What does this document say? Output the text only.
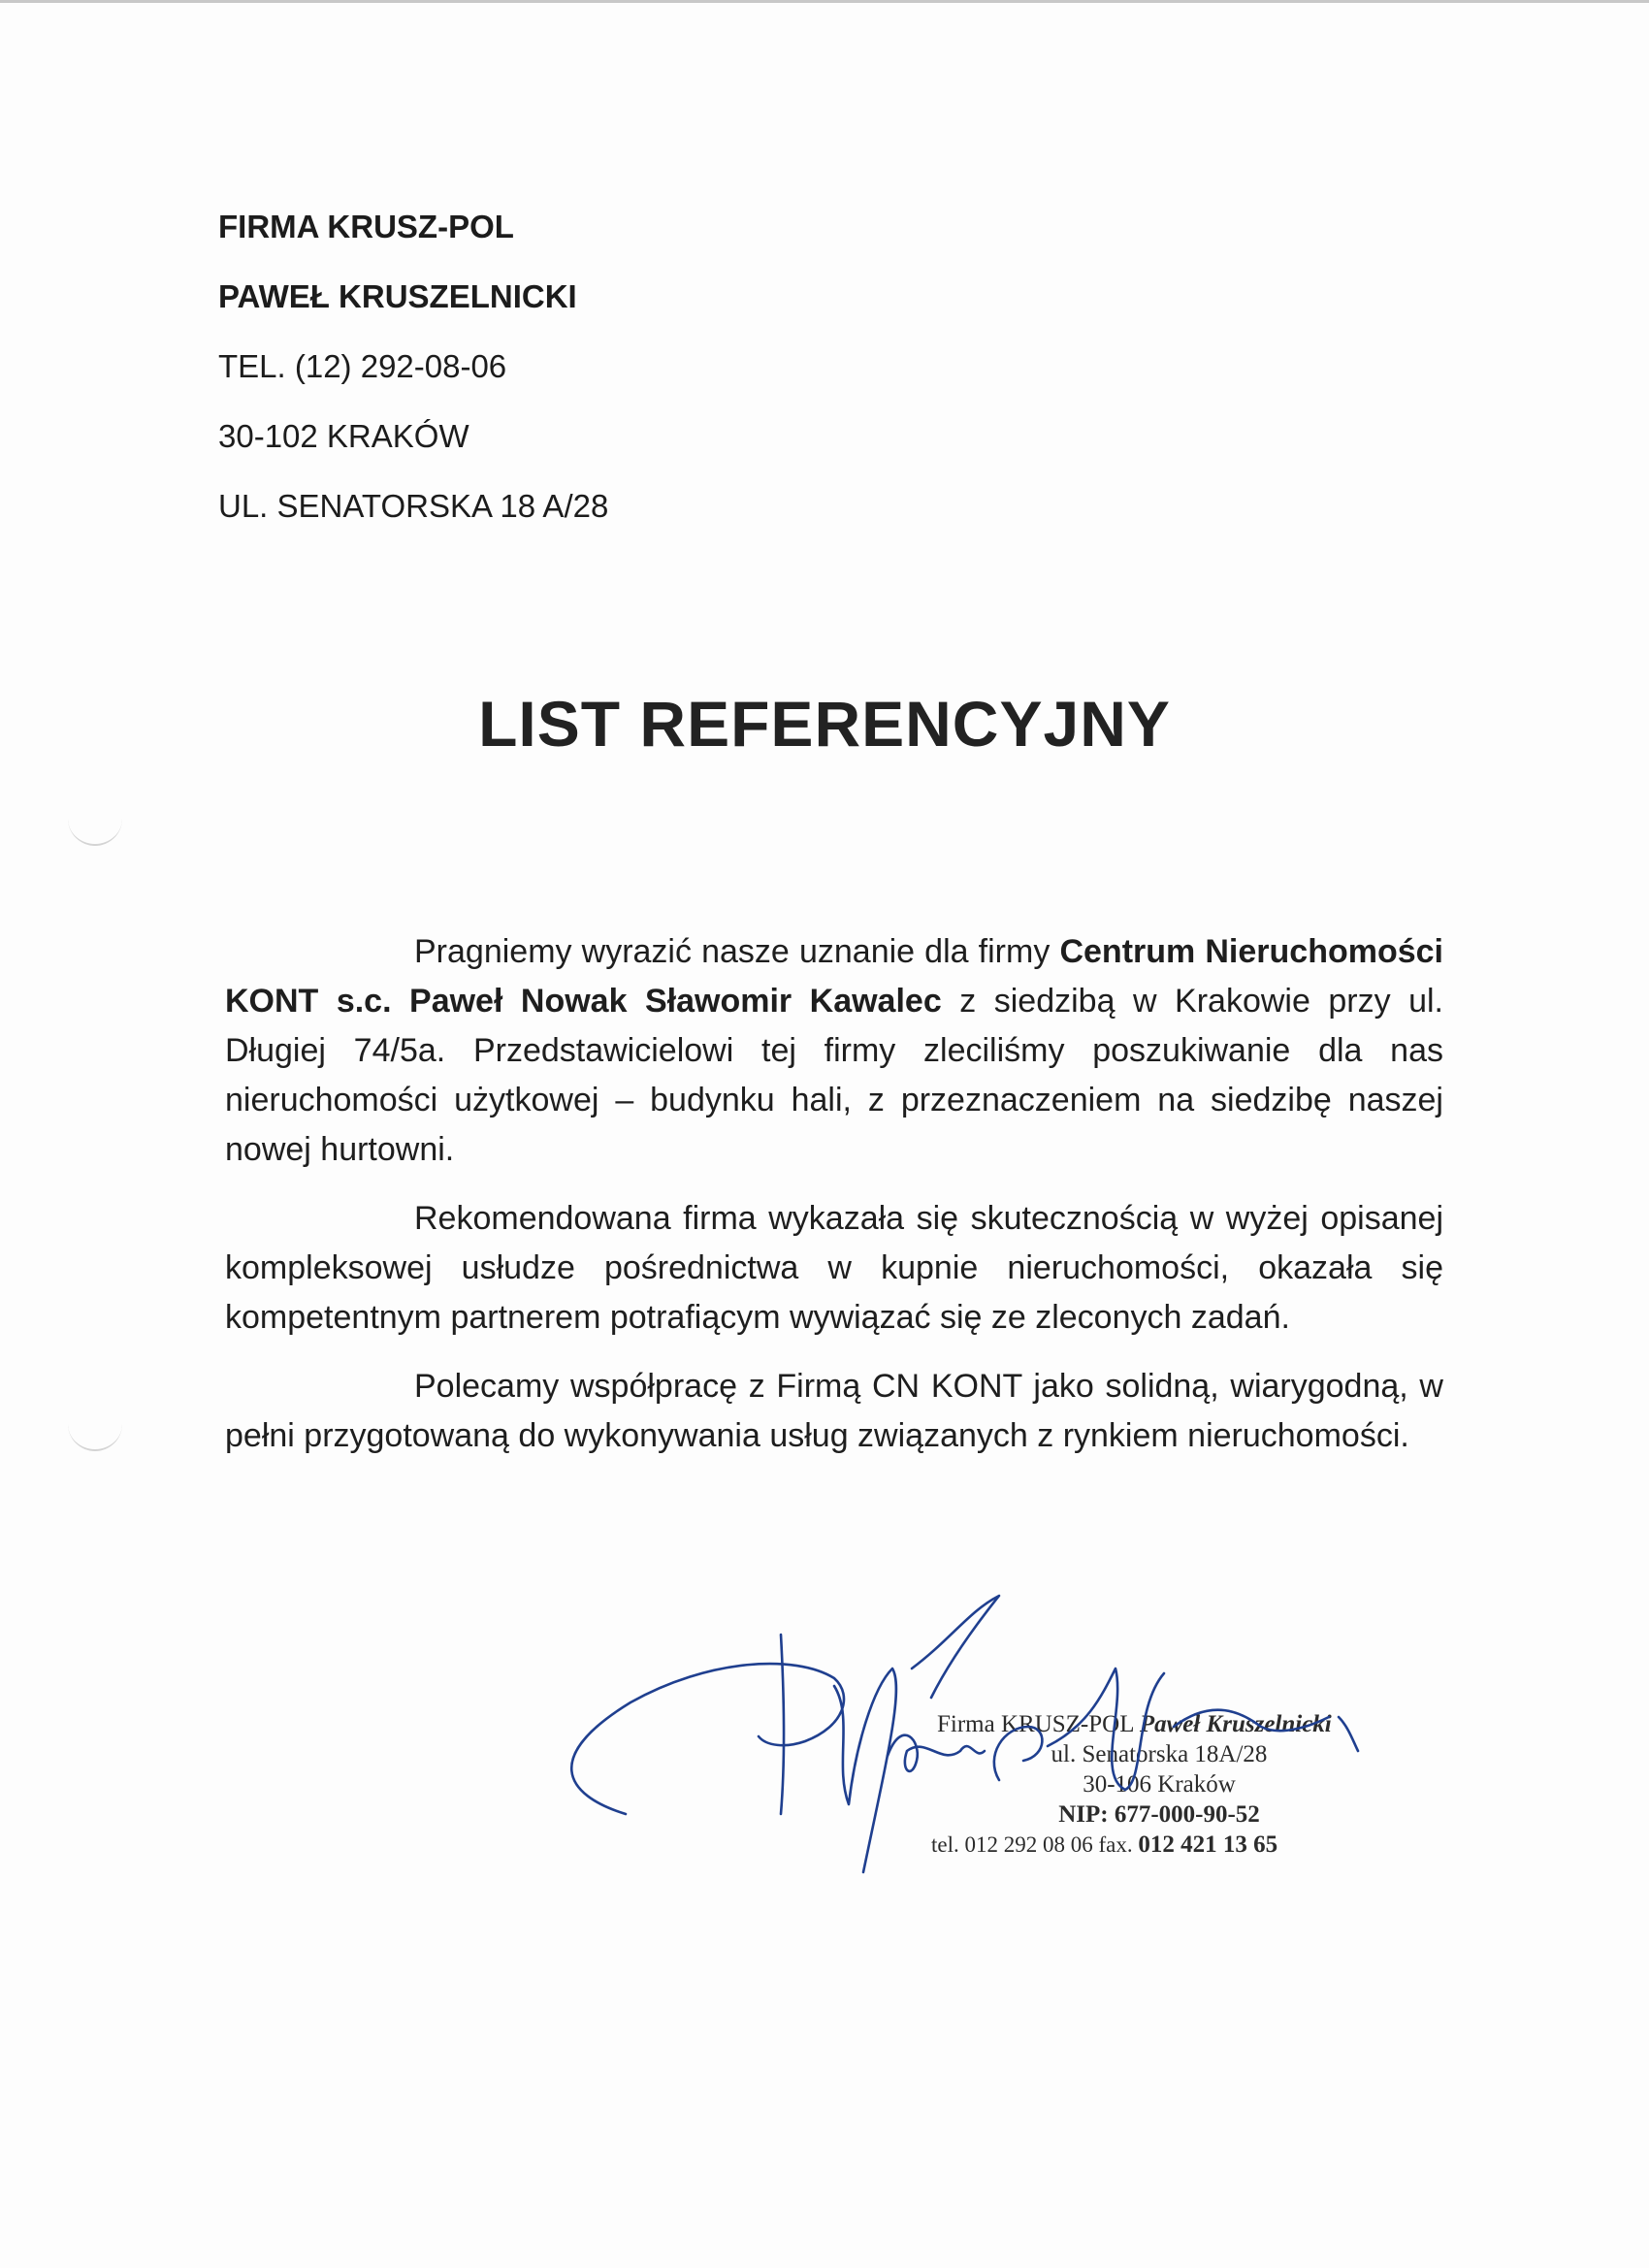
FIRMA KRUSZ-POL
PAWEŁ KRUSZELNICKI
TEL. (12) 292-08-06
30-102 KRAKÓW
UL. SENATORSKA 18 A/28
LIST REFERENCYJNY

Pragniemy wyrazić nasze uznanie dla firmy Centrum Nieruchomości KONT s.c. Paweł Nowak Sławomir Kawalec z siedzibą w Krakowie przy ul. Długiej 74/5a. Przedstawicielowi tej firmy zleciliśmy poszukiwanie dla nas nieruchomości użytkowej – budynku hali, z przeznaczeniem na siedzibę naszej nowej hurtowni.

Rekomendowana firma wykazała się skutecznością w wyżej opisanej kompleksowej usłudze pośrednictwa w kupnie nieruchomości, okazała się kompetentnym partnerem potrafiącym wywiązać się ze zleconych zadań.

Polecamy współpracę z Firmą CN KONT jako solidną, wiarygodną, w pełni przygotowaną do wykonywania usług związanych z rynkiem nieruchomości.

Firma KRUSZ-POL Paweł Kruszelnicki
ul. Senatorska 18A/28
30-106 Kraków
NIP: 677-000-90-52
tel. 012 292 08 06 fax. 012 421 13 65
